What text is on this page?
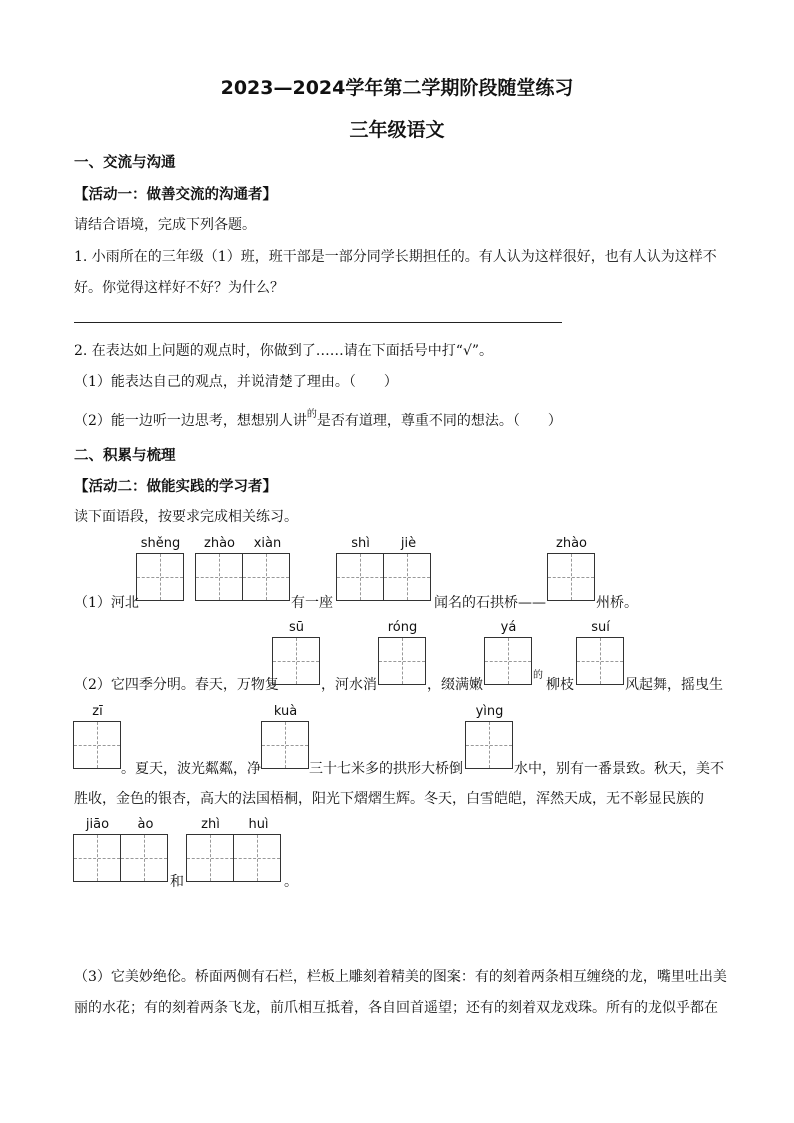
2023—2024学年第二学期阶段随堂练习
三年级语文
一、交流与沟通
【活动一：做善交流的沟通者】
请结合语境，完成下列各题。
1. 小雨所在的三年级（1）班，班干部是一部分同学长期担任的。有人认为这样很好，也有人认为这样不
好。你觉得这样好不好？为什么？
2. 在表达如上问题的观点时，你做到了……请在下面括号中打“√”。
（1）能表达自己的观点，并说清楚了理由。（　　）
（2）能一边听一边思考，想想别人讲$^的$是否有道理，尊重不同的想法。（　　）
二、积累与梳理
【活动二：做能实践的学习者】
读下面语段，按要求完成相关练习。
shěng	zhào	xiàn	shì	jiè	zhào
（1）河北	有一座	闻名的石拱桥——	州桥。
sū	róng	yá	suí
（2）它四季分明。春天，万物复	，河水消	，缀满嫩
的
柳枝	风起舞，摇曳生
zī	kuà	yìng
。夏天，波光粼粼，净	三十七米多的拱形大桥倒	水中，别有一番景致。秋天，美不
胜收，金色的银杏，高大的法国梧桐，阳光下熠熠生辉。冬天，白雪皑皑，浑然天成，无不彰显民族的
jiāo	ào	zhì	huì
和	。
（3）它美妙绝伦。桥面两侧有石栏，栏板上雕刻着精美的图案：有的刻着两条相互缠绕的龙，嘴里吐出美
丽的水花；有的刻着两条飞龙，前爪相互抵着，各自回首遥望；还有的刻着双龙戏珠。所有的龙似乎都在
